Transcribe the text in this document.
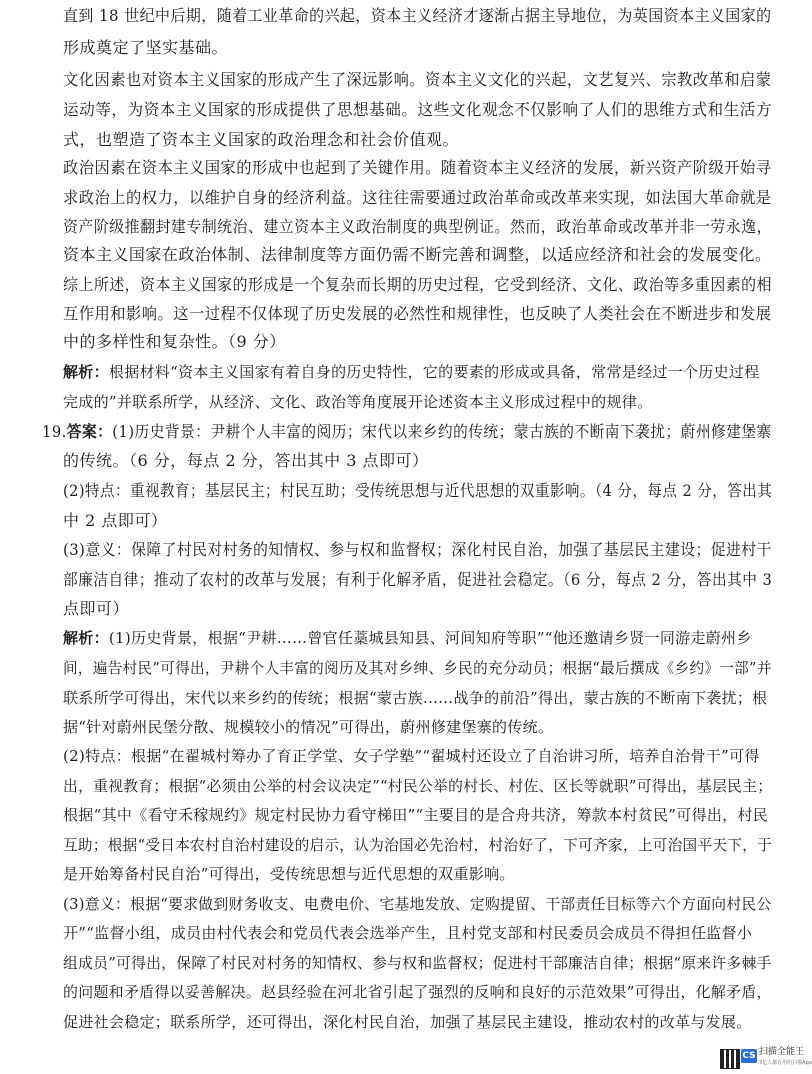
直到 18 世纪中后期，随着工业革命的兴起，资本主义经济才逐渐占据主导地位，为英国资本主义国家的
形成奠定了坚实基础。
文化因素也对资本主义国家的形成产生了深远影响。资本主义文化的兴起，文艺复兴、宗教改革和启蒙
运动等，为资本主义国家的形成提供了思想基础。这些文化观念不仅影响了人们的思维方式和生活方
式，也塑造了资本主义国家的政治理念和社会价值观。
政治因素在资本主义国家的形成中也起到了关键作用。随着资本主义经济的发展，新兴资产阶级开始寻
求政治上的权力，以维护自身的经济利益。这往往需要通过政治革命或改革来实现，如法国大革命就是
资产阶级推翻封建专制统治、建立资本主义政治制度的典型例证。然而，政治革命或改革并非一劳永逸，
资本主义国家在政治体制、法律制度等方面仍需不断完善和调整，以适应经济和社会的发展变化。
综上所述，资本主义国家的形成是一个复杂而长期的历史过程，它受到经济、文化、政治等多重因素的相
互作用和影响。这一过程不仅体现了历史发展的必然性和规律性，也反映了人类社会在不断进步和发展
中的多样性和复杂性。（9 分）
解析：根据材料“资本主义国家有着自身的历史特性，它的要素的形成或具备，常常是经过一个历史过程
完成的”并联系所学，从经济、文化、政治等角度展开论述资本主义形成过程中的规律。
19.答案：(1)历史背景：尹耕个人丰富的阅历；宋代以来乡约的传统；蒙古族的不断南下袭扰；蔚州修建堡寨
的传统。（6 分，每点 2 分，答出其中 3 点即可）
(2)特点：重视教育；基层民主；村民互助；受传统思想与近代思想的双重影响。（4 分，每点 2 分，答出其
中 2 点即可）
(3)意义：保障了村民对村务的知情权、参与权和监督权；深化村民自治，加强了基层民主建设；促进村干
部廉洁自律；推动了农村的改革与发展；有利于化解矛盾，促进社会稳定。（6 分，每点 2 分，答出其中 3
点即可）
解析：(1)历史背景，根据“尹耕……曾官任藁城县知县、河间知府等职”“他还邀请乡贤一同游走蔚州乡
间，遍告村民”可得出，尹耕个人丰富的阅历及其对乡绅、乡民的充分动员；根据“最后撰成《乡约》一部”并
联系所学可得出，宋代以来乡约的传统；根据“蒙古族……战争的前沿”得出，蒙古族的不断南下袭扰；根
据“针对蔚州民堡分散、规模较小的情况”可得出，蔚州修建堡寨的传统。
(2)特点：根据“在翟城村筹办了育正学堂、女子学塾”“翟城村还设立了自治讲习所，培养自治骨干”可得
出，重视教育；根据“必须由公举的村会议决定”“村民公举的村长、村佐、区长等就职”可得出，基层民主；
根据“其中《看守禾稼规约》规定村民协力看守梯田”“主要目的是合舟共济，筹款本村贫民”可得出，村民
互助；根据“受日本农村自治村建设的启示，认为治国必先治村，村治好了，下可齐家，上可治国平天下，于
是开始筹备村民自治”可得出，受传统思想与近代思想的双重影响。
(3)意义：根据“要求做到财务收支、电费电价、宅基地发放、定购提留、干部责任目标等六个方面向村民公
开”“监督小组，成员由村代表会和党员代表会选举产生，且村党支部和村民委员会成员不得担任监督小
组成员”可得出，保障了村民对村务的知情权、参与权和监督权；促进村干部廉洁自律；根据“原来许多棘手
的问题和矛盾得以妥善解决。赵县经验在河北省引起了强烈的反响和良好的示范效果”可得出，化解矛盾，
促进社会稳定；联系所学，还可得出，深化村民自治，加强了基层民主建设，推动农村的改革与发展。
CS 扫描全能王
3亿人都在用的扫描App
